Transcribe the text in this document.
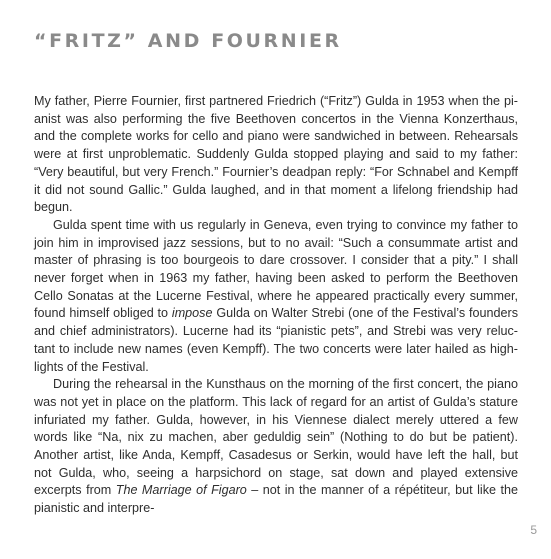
“FRITZ” AND FOURNIER

My father, Pierre Fournier, first partnered Friedrich (“Fritz”) Gulda in 1953 when the pi-anist was also performing the five Beethoven concertos in the Vienna Konzerthaus, and the complete works for cello and piano were sandwiched in between. Rehearsals were at first unproblematic. Suddenly Gulda stopped playing and said to my father: “Very beautiful, but very French.” Fournier’s deadpan reply: “For Schnabel and Kempff it did not sound Gallic.” Gulda laughed, and in that moment a lifelong friendship had begun.

Gulda spent time with us regularly in Geneva, even trying to convince my father to join him in improvised jazz sessions, but to no avail: “Such a consummate artist and master of phrasing is too bourgeois to dare crossover. I consider that a pity.” I shall never forget when in 1963 my father, having been asked to perform the Beethoven Cello Sonatas at the Lucerne Festival, where he appeared practically every summer, found himself obliged to impose Gulda on Walter Strebi (one of the Festival’s founders and chief administrators). Lucerne had its “pianistic pets”, and Strebi was very reluc-tant to include new names (even Kempff). The two concerts were later hailed as high-lights of the Festival.

During the rehearsal in the Kunsthaus on the morning of the first concert, the piano was not yet in place on the platform. This lack of regard for an artist of Gulda’s stature infuriated my father. Gulda, however, in his Viennese dialect merely uttered a few words like “Na, nix zu machen, aber geduldig sein” (Nothing to do but be patient). Another artist, like Anda, Kempff, Casadesus or Serkin, would have left the hall, but not Gulda, who, seeing a harpsichord on stage, sat down and played extensive excerpts from The Marriage of Figaro – not in the manner of a répétiteur, but like the pianistic and interpre-

5
